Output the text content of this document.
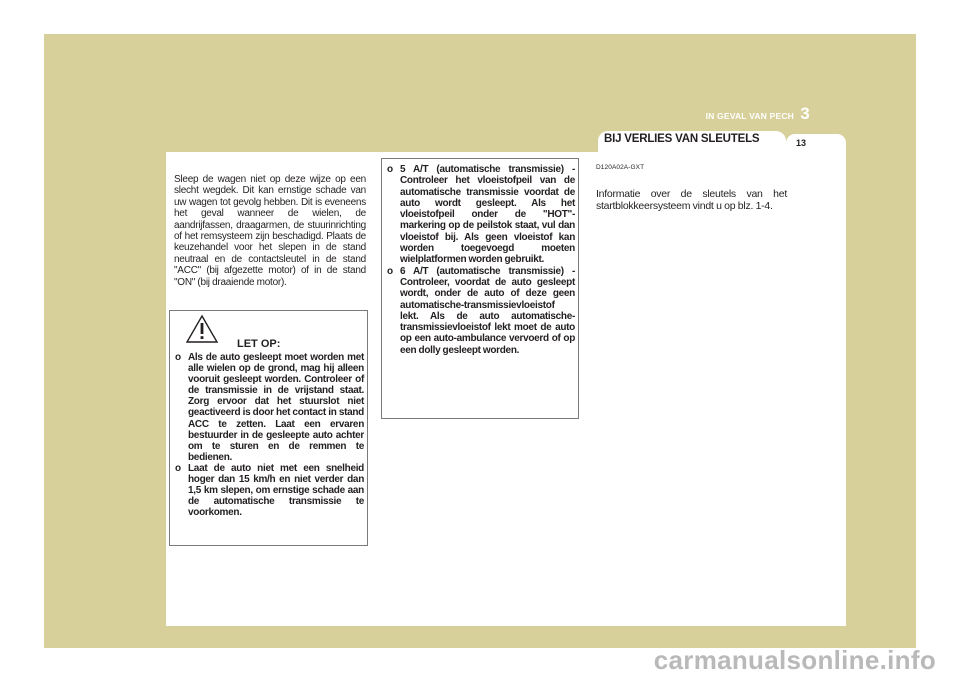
IN GEVAL VAN PECH 3
BIJ VERLIES VAN SLEUTELS	13

Sleep de wagen niet op deze wijze op een slecht wegdek. Dit kan ernstige schade van uw wagen tot gevolg hebben. Dit is eveneens het geval wanneer de wielen, de aandrijfassen, draagarmen, de stuurinrichting of het remsysteem zijn beschadigd. Plaats de keuzehandel voor het slepen in de stand neutraal en de contactsleutel in de stand "ACC" (bij afgezette motor) of in de stand "ON" (bij draaiende motor).

LET OP:
o Als de auto gesleept moet worden met alle wielen op de grond, mag hij alleen vooruit gesleept worden. Controleer of de transmissie in de vrijstand staat. Zorg ervoor dat het stuurslot niet geactiveerd is door het contact in stand ACC te zetten. Laat een ervaren bestuurder in de gesleepte auto achter om te sturen en de remmen te bedienen.
o Laat de auto niet met een snelheid hoger dan 15 km/h en niet verder dan 1,5 km slepen, om ernstige schade aan de automatische transmissie te voorkomen.
o 5 A/T (automatische transmissie) - Controleer het vloeistofpeil van de automatische transmissie voordat de auto wordt gesleept. Als het vloeistofpeil onder de "HOT"-markering op de peilstok staat, vul dan vloeistof bij. Als geen vloeistof kan worden toegevoegd moeten wielplatformen worden gebruikt.
o 6 A/T (automatische transmissie) - Controleer, voordat de auto gesleept wordt, onder de auto of deze geen automatische-transmissievloeistof lekt. Als de auto automatische-transmissievloeistof lekt moet de auto op een auto-ambulance vervoerd of op een dolly gesleept worden.
D120A02A-GXT

Informatie over de sleutels van het startblokkeersysteem vindt u op blz. 1-4.

carmanualsonline.info
